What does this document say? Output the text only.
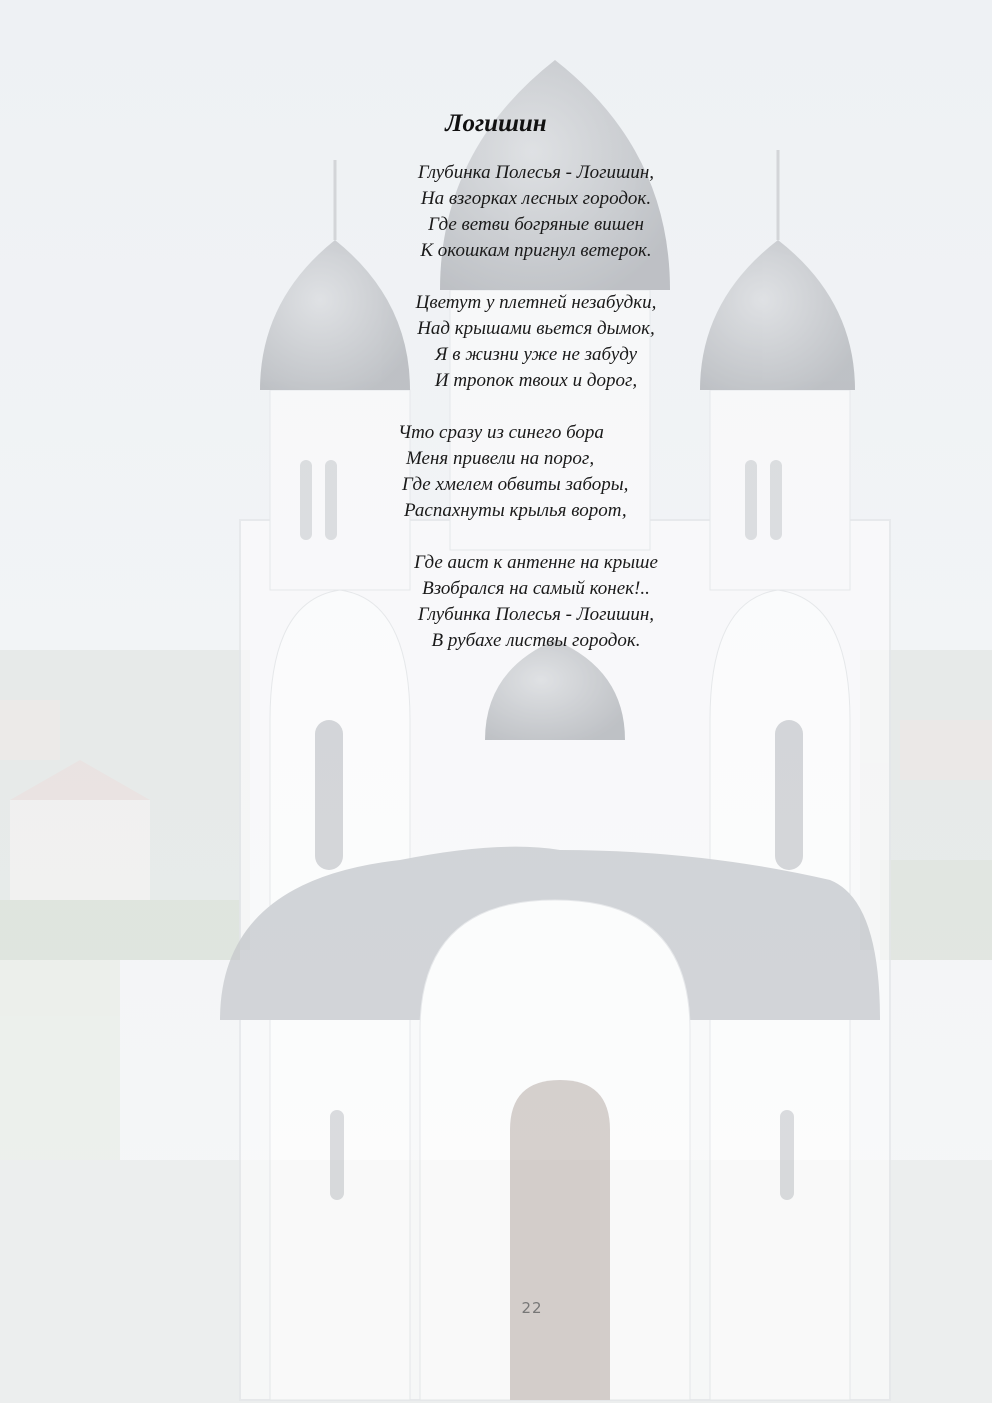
Логишин
Глубинка Полесья - Логишин,
На взгорках лесных городок.
Где ветви богряные вишен
К окошкам пригнул ветерок.
Цветут у плетней незабудки,
Над крышами вьется дымок,
Я в жизни уже не забуду
И тропок твоих и дорог,
Что сразу из синего бора
Меня привели на порог,
Где хмелем обвиты заборы,
Распахнуты крылья ворот,
Где аист к антенне на крыше
Взобрался на самый конек!..
Глубинка Полесья - Логишин,
В рубахе листвы городок.
22
